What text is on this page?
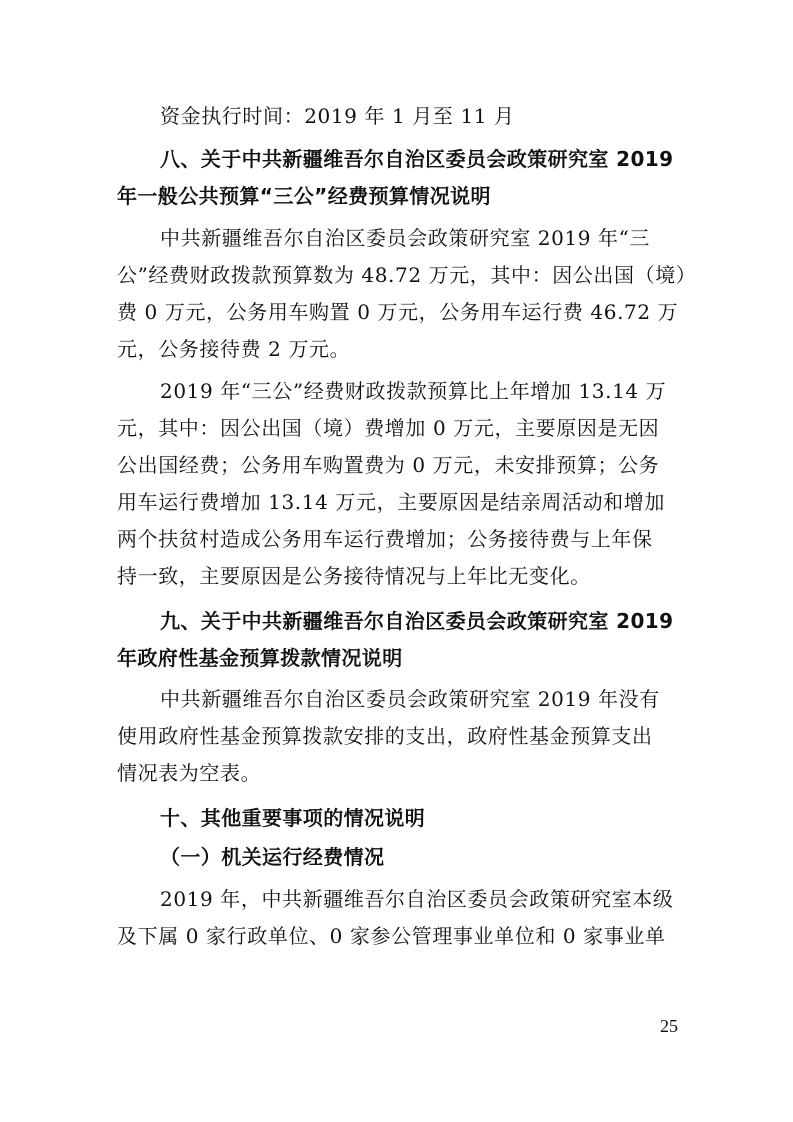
资金执行时间：2019 年 1 月至 11 月
八、关于中共新疆维吾尔自治区委员会政策研究室 2019
年一般公共预算“三公”经费预算情况说明
中共新疆维吾尔自治区委员会政策研究室 2019 年“三
公”经费财政拨款预算数为 48.72 万元，其中：因公出国（境）
费 0 万元，公务用车购置 0 万元，公务用车运行费 46.72 万
元，公务接待费 2 万元。
2019 年“三公”经费财政拨款预算比上年增加 13.14 万
元，其中：因公出国（境）费增加 0 万元，主要原因是无因
公出国经费；公务用车购置费为 0 万元，未安排预算；公务
用车运行费增加 13.14 万元，主要原因是结亲周活动和增加
两个扶贫村造成公务用车运行费增加；公务接待费与上年保
持一致，主要原因是公务接待情况与上年比无变化。
九、关于中共新疆维吾尔自治区委员会政策研究室 2019
年政府性基金预算拨款情况说明
中共新疆维吾尔自治区委员会政策研究室 2019 年没有
使用政府性基金预算拨款安排的支出，政府性基金预算支出
情况表为空表。
十、其他重要事项的情况说明
（一）机关运行经费情况
2019 年，中共新疆维吾尔自治区委员会政策研究室本级
及下属 0 家行政单位、0 家参公管理事业单位和 0 家事业单
25
